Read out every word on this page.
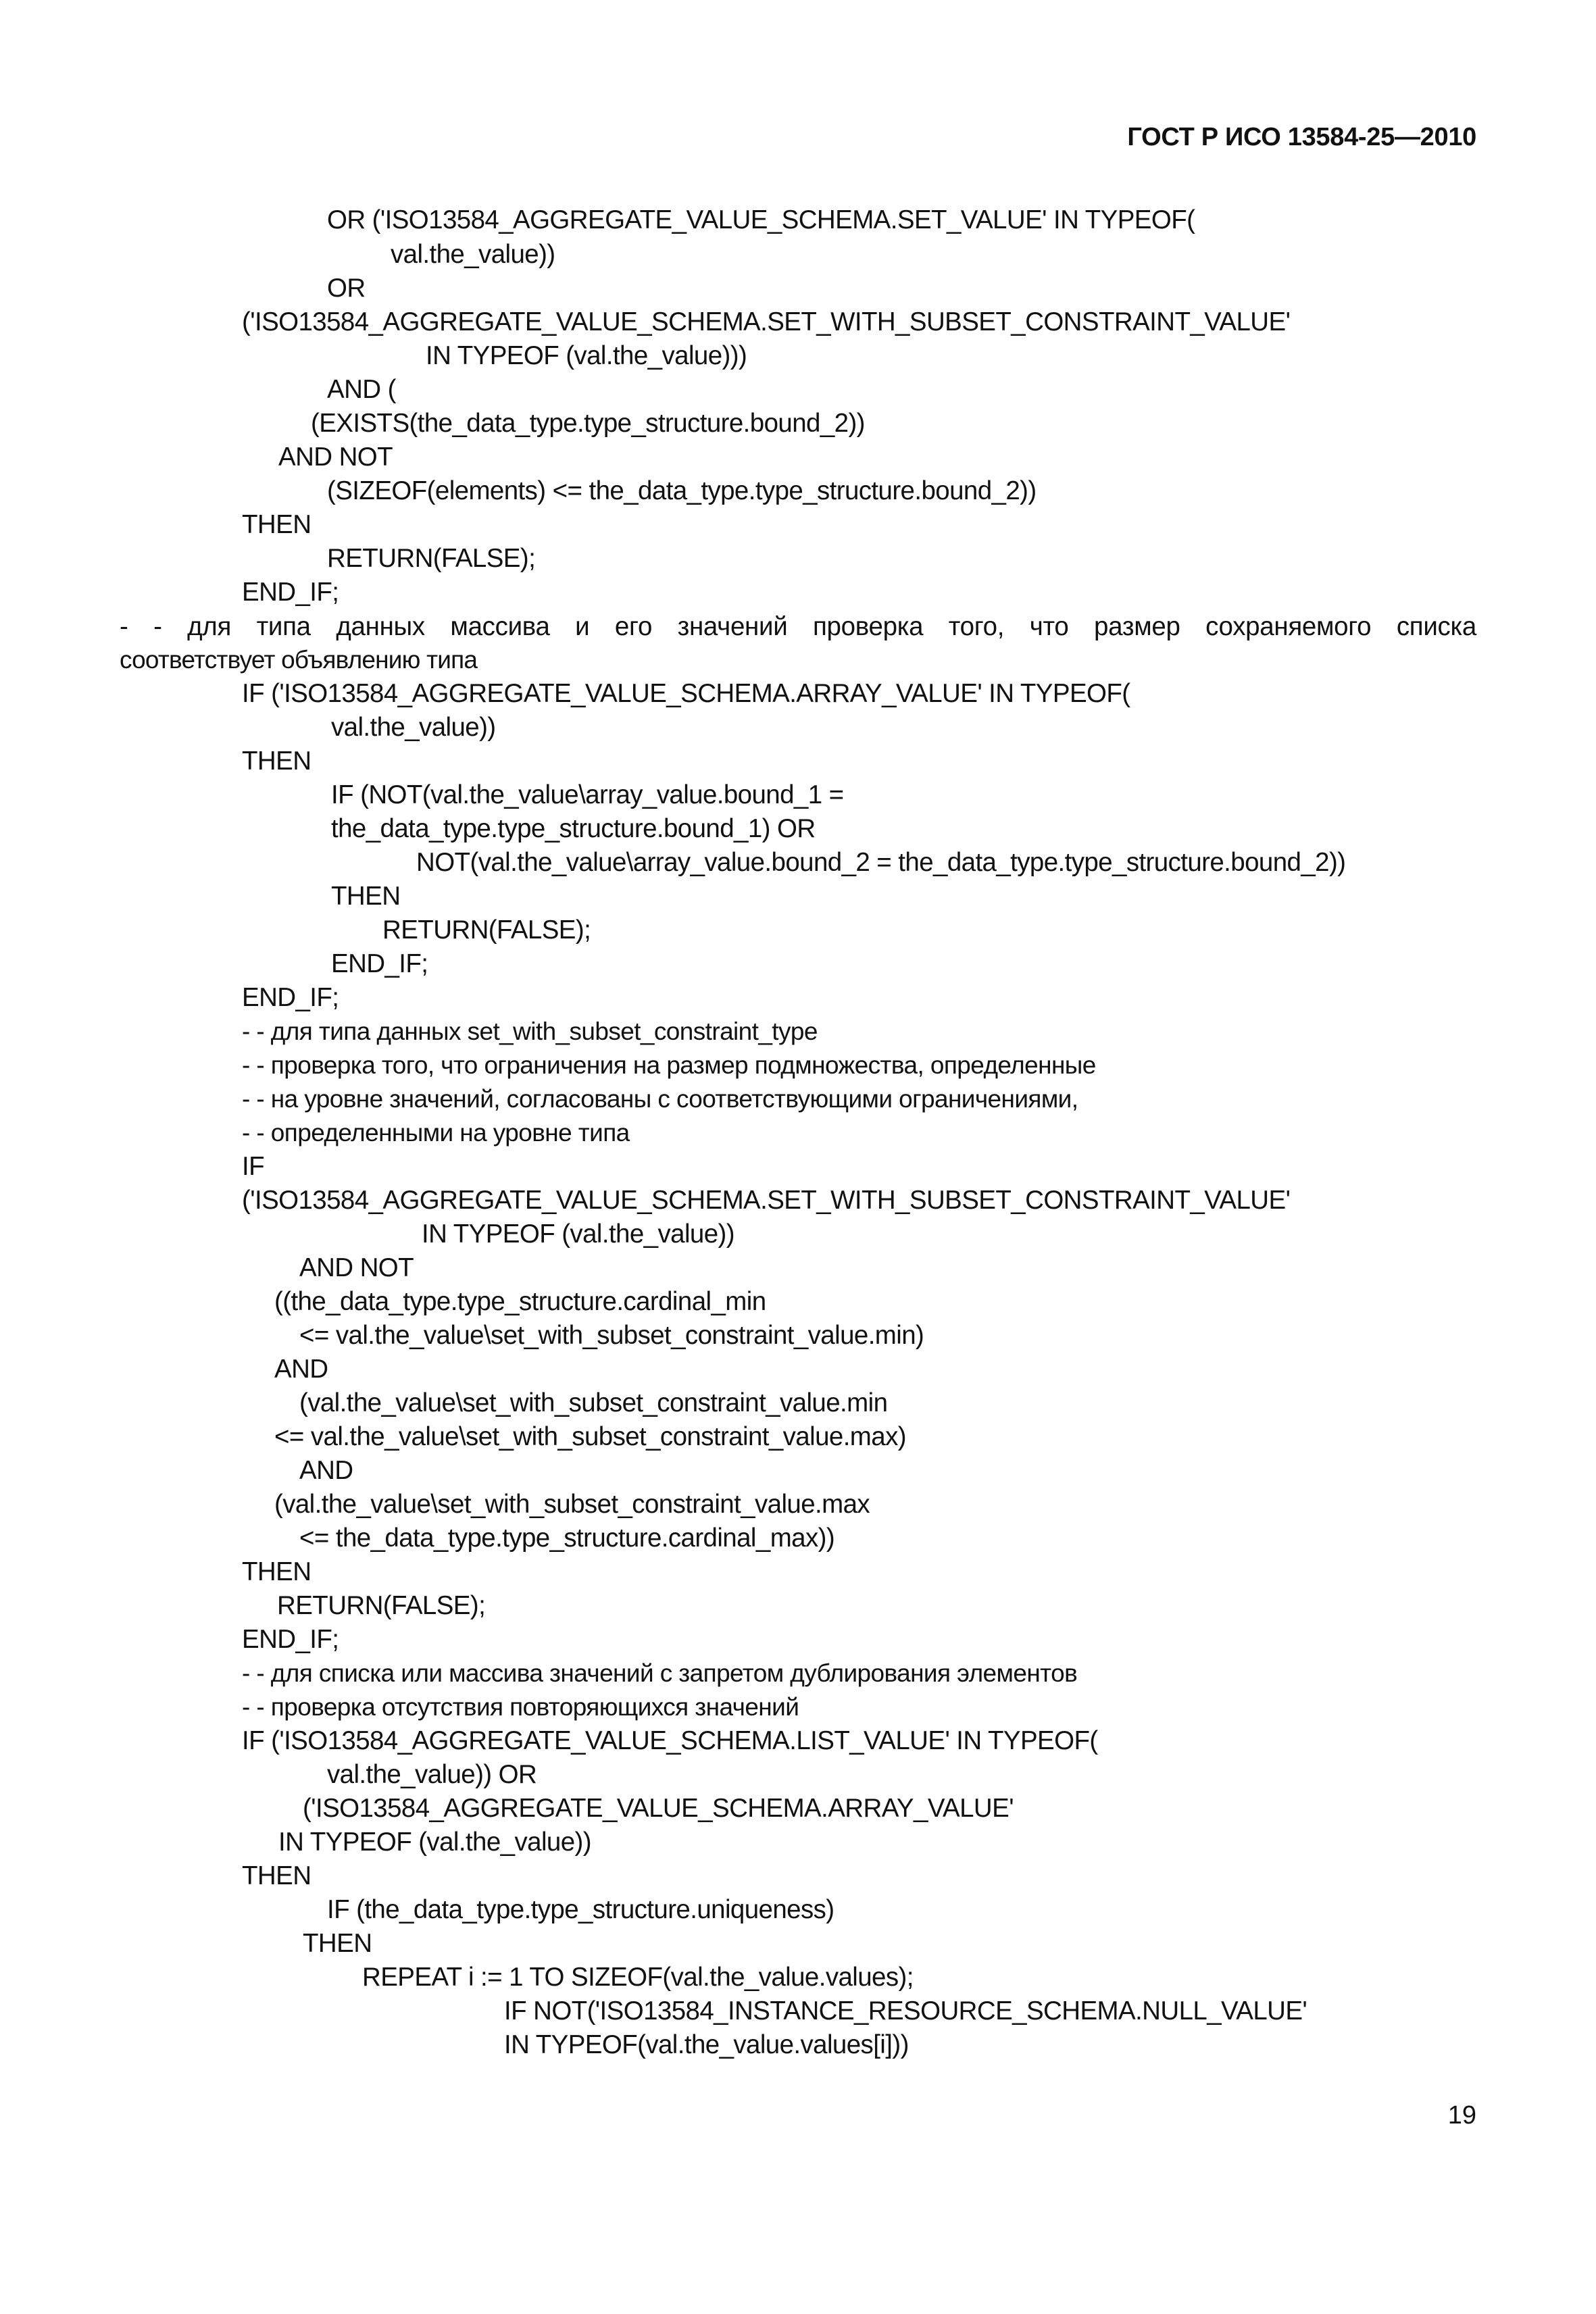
ГОСТ Р ИСО 13584-25—2010
OR ('ISO13584_AGGREGATE_VALUE_SCHEMA.SET_VALUE' IN TYPEOF(
val.the_value))
OR
('ISO13584_AGGREGATE_VALUE_SCHEMA.SET_WITH_SUBSET_CONSTRAINT_VALUE'
IN TYPEOF (val.the_value)))
AND (
(EXISTS(the_data_type.type_structure.bound_2))
AND NOT
(SIZEOF(elements) <= the_data_type.type_structure.bound_2))
THEN
RETURN(FALSE);
END_IF;
- - для типа данных массива и его значений проверка того, что размер сохраняемого списка
соответствует объявлению типа
IF ('ISO13584_AGGREGATE_VALUE_SCHEMA.ARRAY_VALUE' IN TYPEOF(
val.the_value))
THEN
IF (NOT(val.the_value\array_value.bound_1 =
the_data_type.type_structure.bound_1) OR
NOT(val.the_value\array_value.bound_2 = the_data_type.type_structure.bound_2))
THEN
RETURN(FALSE);
END_IF;
END_IF;
- - для типа данных set_with_subset_constraint_type
- - проверка того, что ограничения на размер подмножества, определенные
- - на уровне значений, согласованы с соответствующими ограничениями,
- - определенными на уровне типа
IF
('ISO13584_AGGREGATE_VALUE_SCHEMA.SET_WITH_SUBSET_CONSTRAINT_VALUE'
IN TYPEOF (val.the_value))
AND NOT
((the_data_type.type_structure.cardinal_min
<= val.the_value\set_with_subset_constraint_value.min)
AND
(val.the_value\set_with_subset_constraint_value.min
<= val.the_value\set_with_subset_constraint_value.max)
AND
(val.the_value\set_with_subset_constraint_value.max
<= the_data_type.type_structure.cardinal_max))
THEN
RETURN(FALSE);
END_IF;
- - для списка или массива значений с запретом дублирования элементов
- - проверка отсутствия повторяющихся значений
IF ('ISO13584_AGGREGATE_VALUE_SCHEMA.LIST_VALUE' IN TYPEOF(
val.the_value)) OR
('ISO13584_AGGREGATE_VALUE_SCHEMA.ARRAY_VALUE'
IN TYPEOF (val.the_value))
THEN
IF (the_data_type.type_structure.uniqueness)
THEN
REPEAT i := 1 TO SIZEOF(val.the_value.values);
IF NOT('ISO13584_INSTANCE_RESOURCE_SCHEMA.NULL_VALUE'
IN TYPEOF(val.the_value.values[i]))
19
